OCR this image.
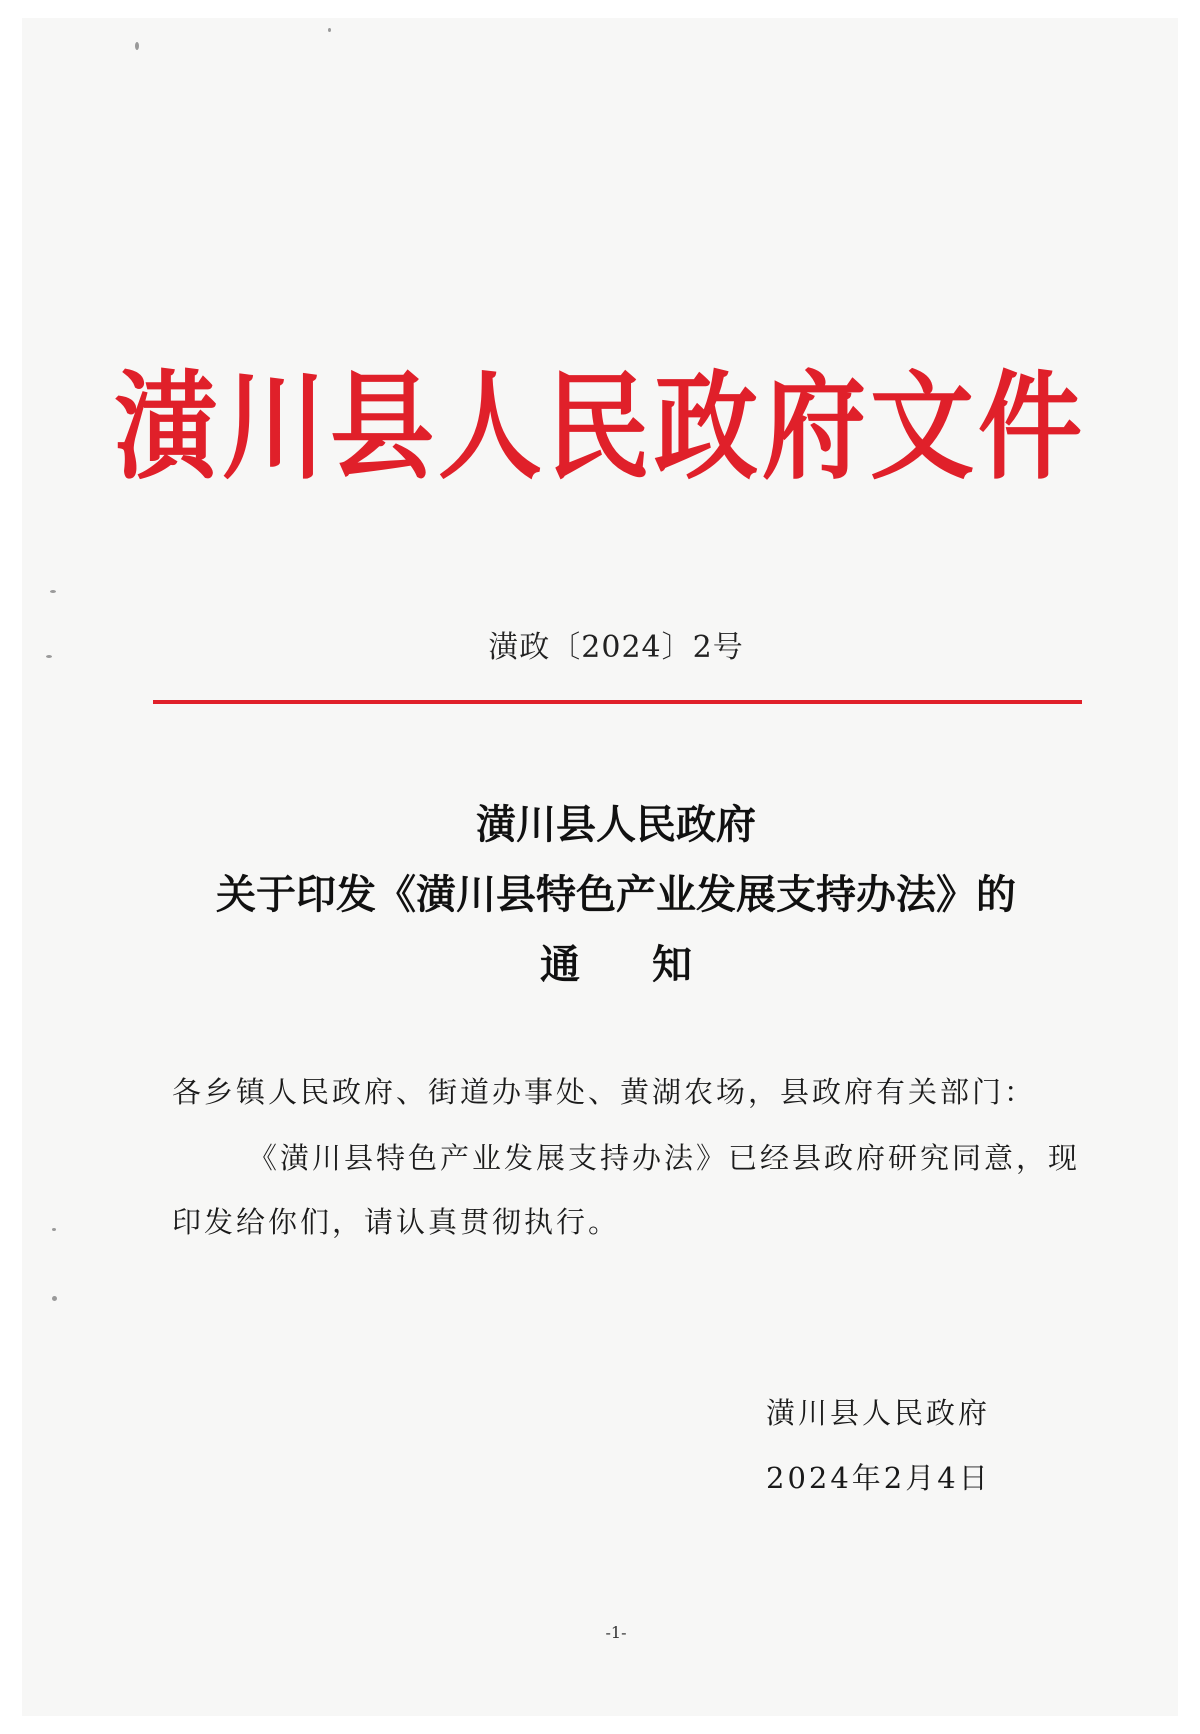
潢川县人民政府文件
潢政〔2024〕2号
潢川县人民政府
关于印发《潢川县特色产业发展支持办法》的
通知
各乡镇人民政府、街道办事处、黄湖农场，县政府有关部门：
《潢川县特色产业发展支持办法》已经县政府研究同意，现印发给你们，请认真贯彻执行。
潢川县人民政府
2024年2月4日
-1-
